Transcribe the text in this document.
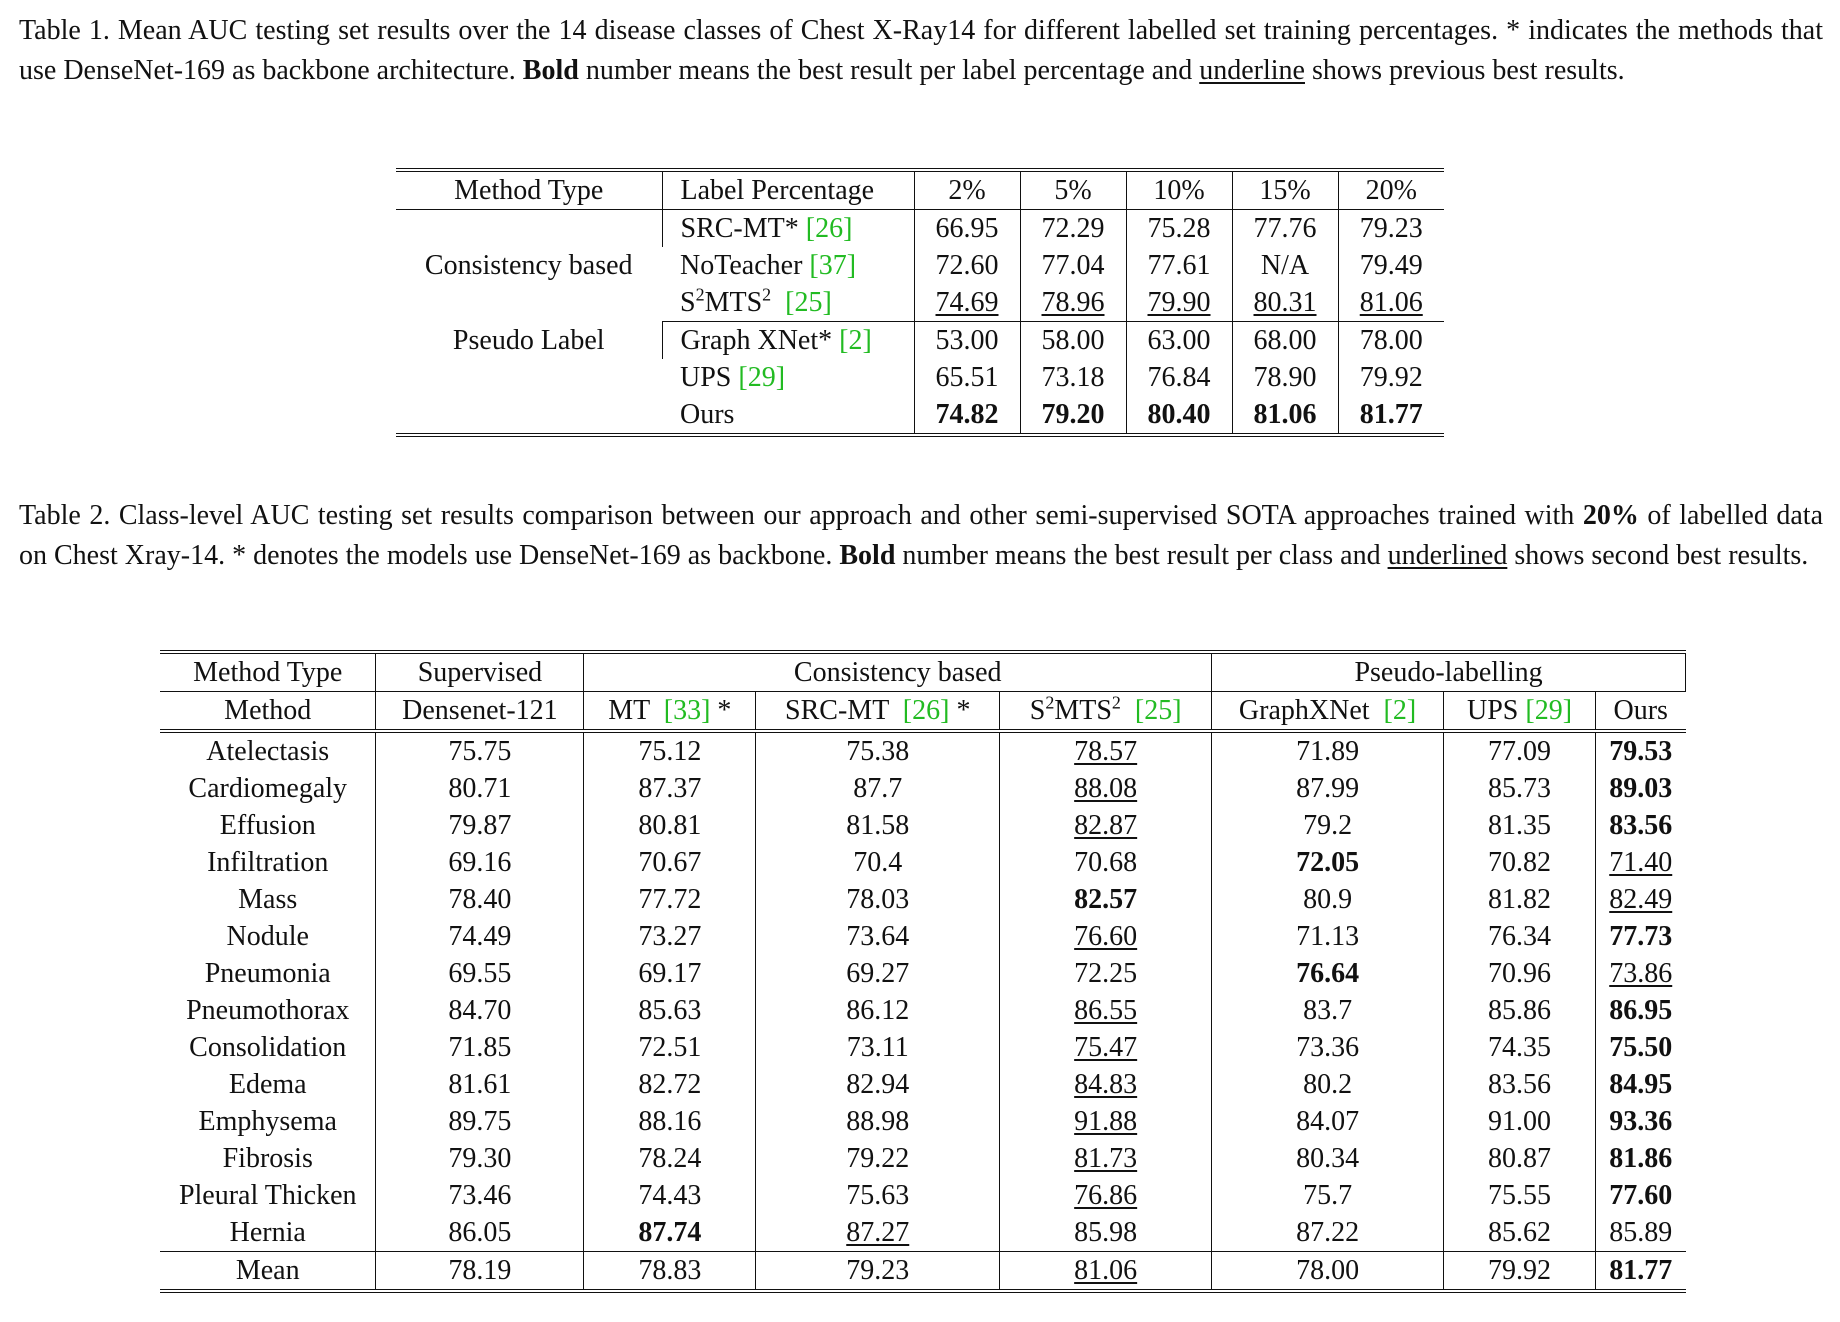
Table 1. Mean AUC testing set results over the 14 disease classes of Chest X-Ray14 for different labelled set training percentages. * indicates the methods that use DenseNet-169 as backbone architecture. Bold number means the best result per label percentage and underline shows previous best results.
Method Type	Label Percentage	2%	5%	10%	15%	20%
Consistency based	SRC-MT* [26]	66.95	72.29	75.28	77.76	79.23
	NoTeacher [37]	72.60	77.04	77.61	N/A	79.49
	$S^2MTS^2$ [25]	74.69	78.96	79.90	80.31	81.06
Pseudo Label	Graph XNet* [2]	53.00	58.00	63.00	68.00	78.00
	UPS [29]	65.51	73.18	76.84	78.90	79.92
	Ours	74.82	79.20	80.40	81.06	81.77
Table 2. Class-level AUC testing set results comparison between our approach and other semi-supervised SOTA approaches trained with 20% of labelled data on Chest Xray-14. * denotes the models use DenseNet-169 as backbone. Bold number means the best result per class and underlined shows second best results.
Method Type	Supervised	Consistency based			Pseudo-labelling		
Method	Densenet-121	MT [33] *	SRC-MT [26] *	$S^2MTS^2$ [25]	GraphXNet [2]	UPS [29]	Ours
Atelectasis	75.75	75.12	75.38	78.57	71.89	77.09	79.53
Cardiomegaly	80.71	87.37	87.7	88.08	87.99	85.73	89.03
Effusion	79.87	80.81	81.58	82.87	79.2	81.35	83.56
Infiltration	69.16	70.67	70.4	70.68	72.05	70.82	71.40
Mass	78.40	77.72	78.03	82.57	80.9	81.82	82.49
Nodule	74.49	73.27	73.64	76.60	71.13	76.34	77.73
Pneumonia	69.55	69.17	69.27	72.25	76.64	70.96	73.86
Pneumothorax	84.70	85.63	86.12	86.55	83.7	85.86	86.95
Consolidation	71.85	72.51	73.11	75.47	73.36	74.35	75.50
Edema	81.61	82.72	82.94	84.83	80.2	83.56	84.95
Emphysema	89.75	88.16	88.98	91.88	84.07	91.00	93.36
Fibrosis	79.30	78.24	79.22	81.73	80.34	80.87	81.86
Pleural Thicken	73.46	74.43	75.63	76.86	75.7	75.55	77.60
Hernia	86.05	87.74	87.27	85.98	87.22	85.62	85.89
Mean	78.19	78.83	79.23	81.06	78.00	79.92	81.77
